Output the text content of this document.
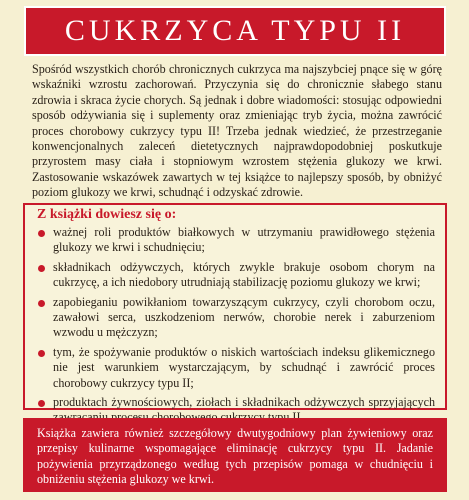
CUKRZYCA TYPU II

Spośród wszystkich chorób chronicznych cukrzyca ma najszybciej pnące się w górę wskaźniki wzrostu zachorowań. Przyczynia się do chronicznie słabego stanu zdrowia i skraca życie chorych. Są jednak i dobre wiadomości: stosując odpowiedni sposób odżywiania się i suplementy oraz zmieniając tryb życia, można zawrócić proces chorobowy cukrzycy typu II! Trzeba jednak wiedzieć, że przestrzeganie konwencjonalnych zaleceń dietetycznych najprawdopodobniej poskutkuje przyrostem masy ciała i stopniowym wzrostem stężenia glukozy we krwi. Zastosowanie wskazówek zawartych w tej książce to najlepszy sposób, by obniżyć poziom glukozy we krwi, schudnąć i odzyskać zdrowie.

Z książki dowiesz się o:
ważnej roli produktów białkowych w utrzymaniu prawidłowego stężenia glukozy we krwi i schudnięciu;
składnikach odżywczych, których zwykle brakuje osobom chorym na cukrzycę, a ich niedobory utrudniają stabilizację poziomu glukozy we krwi;
zapobieganiu powikłaniom towarzyszącym cukrzycy, czyli chorobom oczu, zawałowi serca, uszkodzeniom nerwów, chorobie nerek i zaburzeniom wzwodu u mężczyzn;
tym, że spożywanie produktów o niskich wartościach indeksu glikemicznego nie jest warunkiem wystarczającym, by schudnąć i zawrócić proces chorobowy cukrzycy typu II;
produktach żywnościowych, ziołach i składnikach odżywczych sprzyjających

Książka zawiera również szczegółowy dwutygodniowy plan żywieniowy oraz przepisy kulinarne wspomagające eliminację cukrzycy typu II. Jadanie pożywienia przyrządzonego według tych przepisów pomaga w chudnięciu i obniżeniu stężenia glukozy we krwi.
